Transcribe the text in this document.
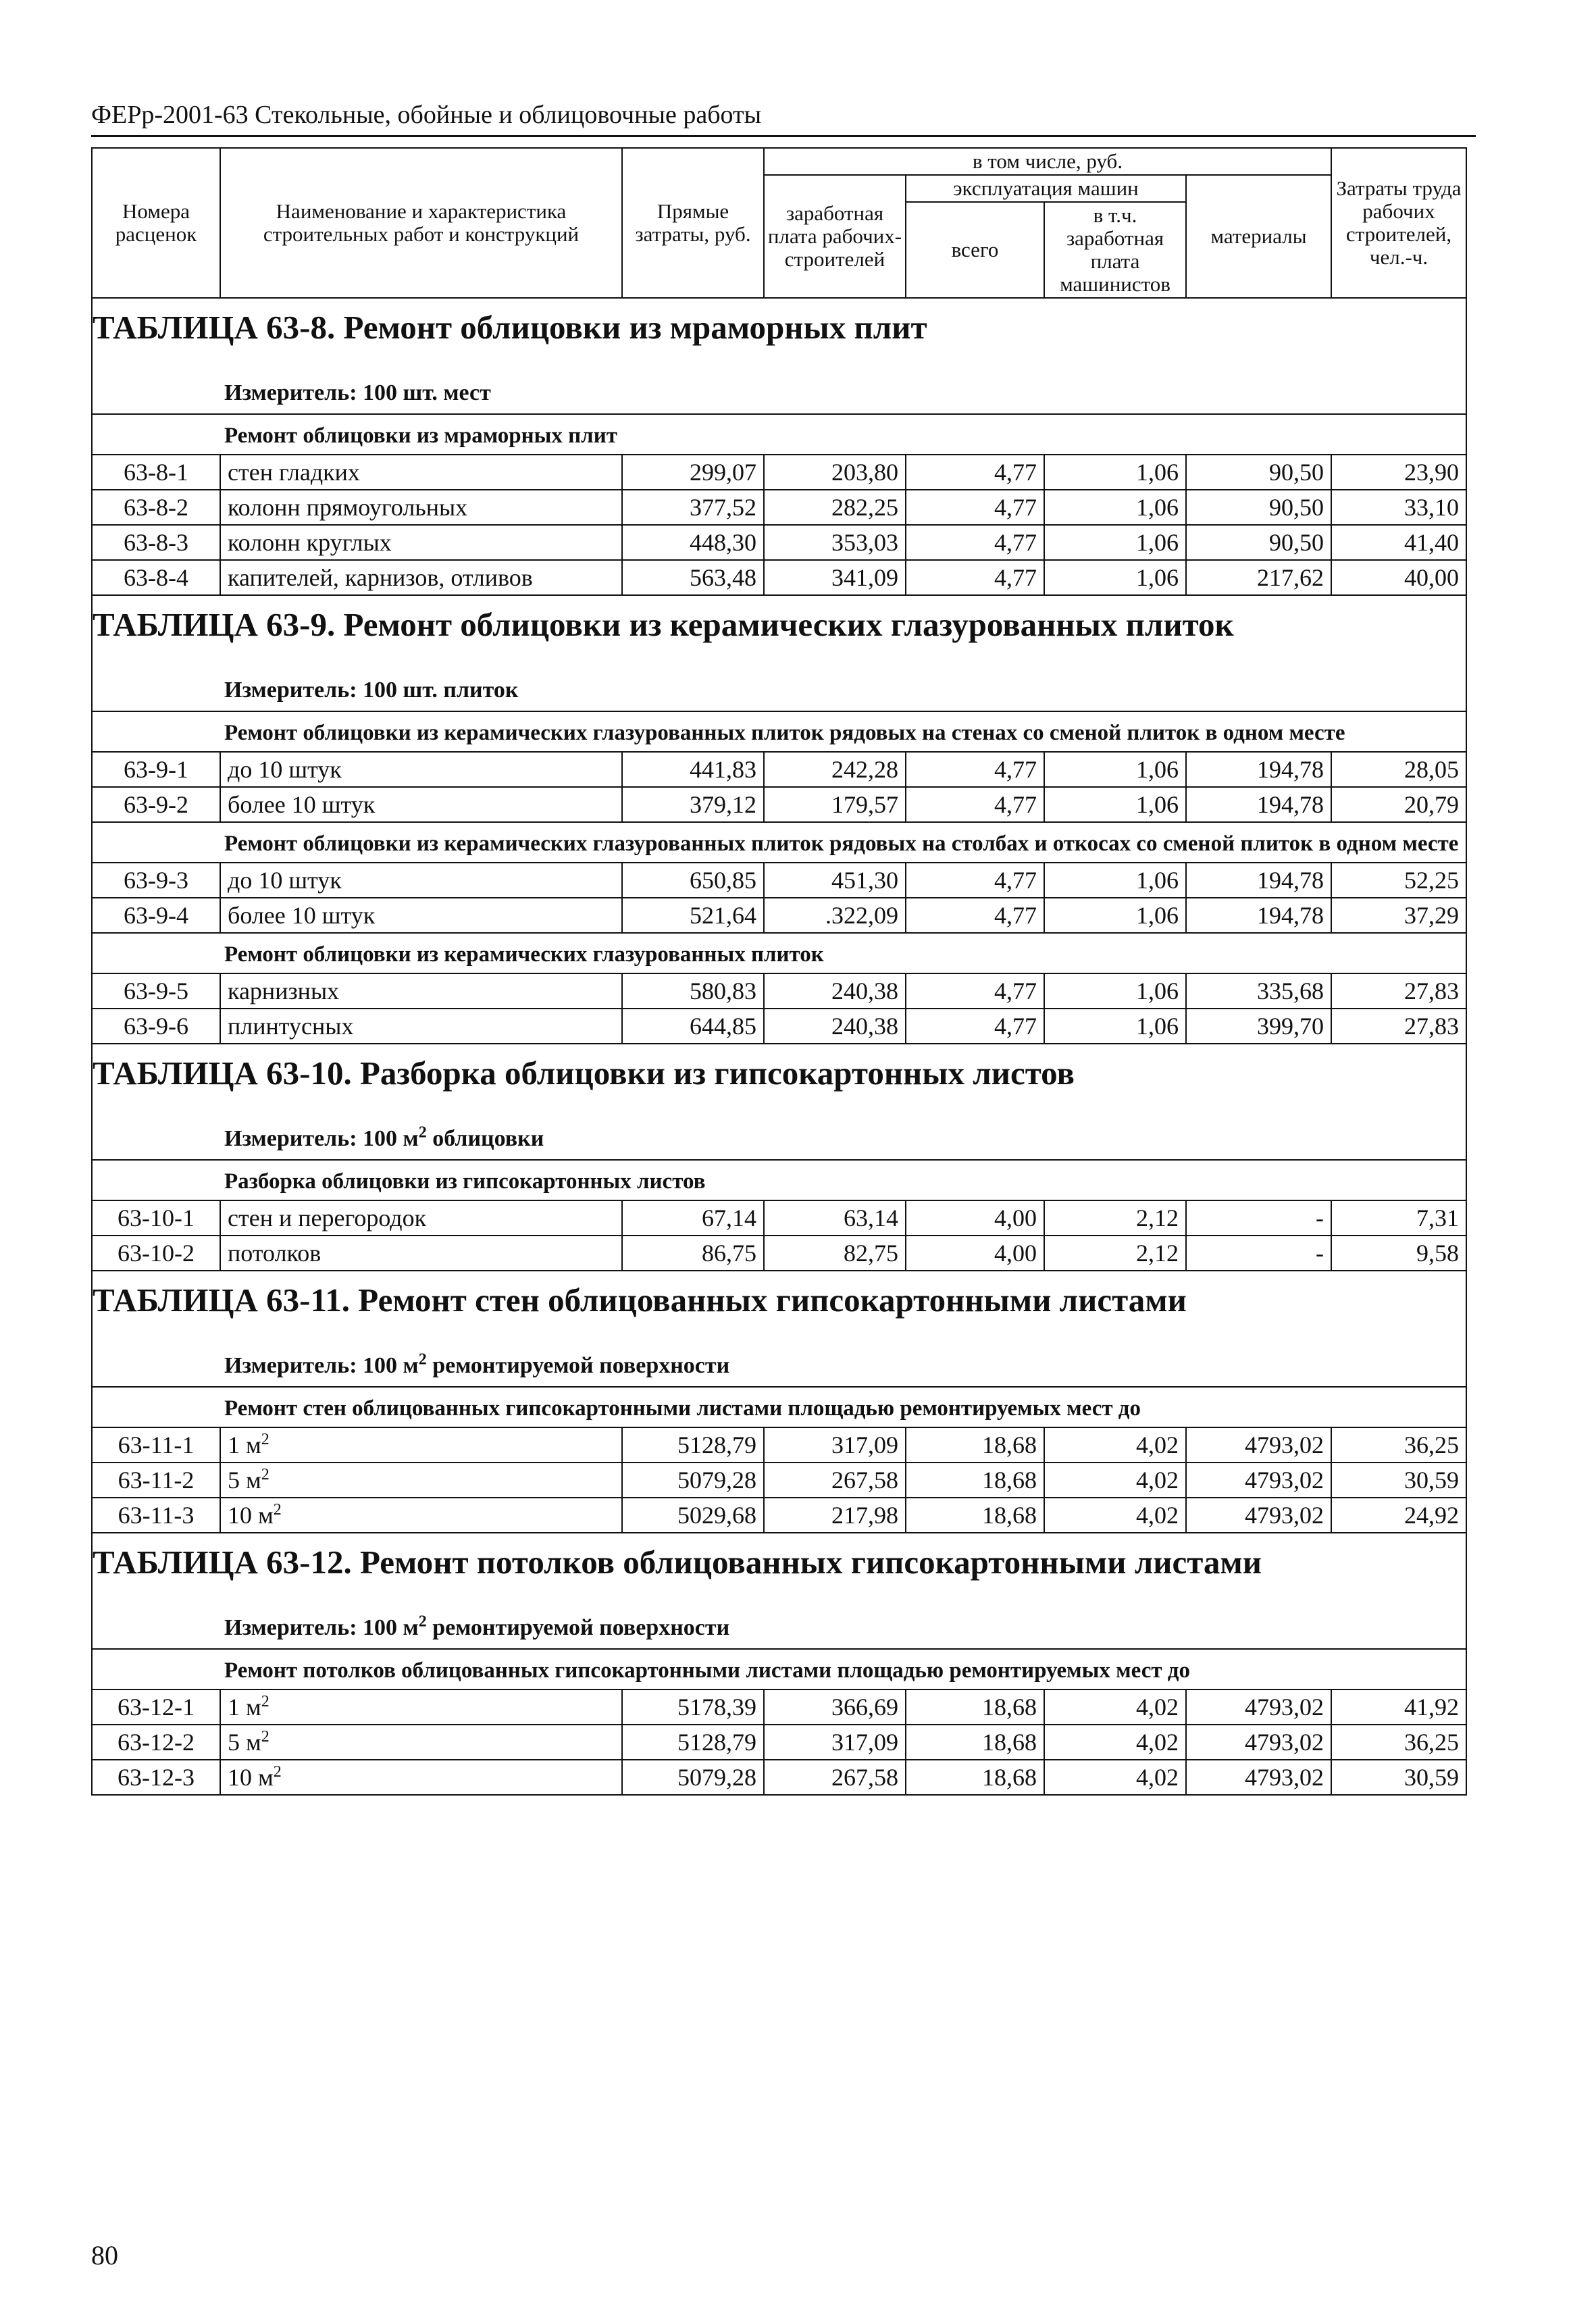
ФЕРр-2001-63 Стекольные, обойные и облицовочные работы
Номера расценок	Наименование и характеристика строительных работ и конструкций	Прямые затраты, руб.	в том числе, руб.				Затраты труда рабочих строителей, чел.-ч.
			заработная плата рабочих-строителей	эксплуатация машин		материалы	
				всего	в т.ч. заработная плата машинистов		
ТАБЛИЦА 63-8. Ремонт облицовки из мраморных плит							
Измеритель: 100 шт. мест							
Ремонт облицовки из мраморных плит							
63-8-1	стен гладких	299,07	203,80	4,77	1,06	90,50	23,90
63-8-2	колонн прямоугольных	377,52	282,25	4,77	1,06	90,50	33,10
63-8-3	колонн круглых	448,30	353,03	4,77	1,06	90,50	41,40
63-8-4	капителей, карнизов, отливов	563,48	341,09	4,77	1,06	217,62	40,00
ТАБЛИЦА 63-9. Ремонт облицовки из керамических глазурованных плиток							
Измеритель: 100 шт. плиток							
Ремонт облицовки из керамических глазурованных плиток рядовых на стенах со сменой плиток в одном месте							
63-9-1	до 10 штук	441,83	242,28	4,77	1,06	194,78	28,05
63-9-2	более 10 штук	379,12	179,57	4,77	1,06	194,78	20,79
Ремонт облицовки из керамических глазурованных плиток рядовых на столбах и откосах со сменой плиток в одном месте							
63-9-3	до 10 штук	650,85	451,30	4,77	1,06	194,78	52,25
63-9-4	более 10 штук	521,64	.322,09	4,77	1,06	194,78	37,29
Ремонт облицовки из керамических глазурованных плиток							
63-9-5	карнизных	580,83	240,38	4,77	1,06	335,68	27,83
63-9-6	плинтусных	644,85	240,38	4,77	1,06	399,70	27,83
ТАБЛИЦА 63-10. Разборка облицовки из гипсокартонных листов							
Измеритель: 100 $м^2$ облицовки							
Разборка облицовки из гипсокартонных листов							
63-10-1	стен и перегородок	67,14	63,14	4,00	2,12	-	7,31
63-10-2	потолков	86,75	82,75	4,00	2,12	-	9,58
ТАБЛИЦА 63-11. Ремонт стен облицованных гипсокартонными листами							
Измеритель: 100 $м^2$ ремонтируемой поверхности							
Ремонт стен облицованных гипсокартонными листами площадью ремонтируемых мест до							
63-11-1	1 $м^2$	5128,79	317,09	18,68	4,02	4793,02	36,25
63-11-2	5 $м^2$	5079,28	267,58	18,68	4,02	4793,02	30,59
63-11-3	10 $м^2$	5029,68	217,98	18,68	4,02	4793,02	24,92
ТАБЛИЦА 63-12. Ремонт потолков облицованных гипсокартонными листами							
Измеритель: 100 $м^2$ ремонтируемой поверхности							
Ремонт потолков облицованных гипсокартонными листами площадью ремонтируемых мест до							
63-12-1	1 $м^2$	5178,39	366,69	18,68	4,02	4793,02	41,92
63-12-2	5 $м^2$	5128,79	317,09	18,68	4,02	4793,02	36,25
63-12-3	10 $м^2$	5079,28	267,58	18,68	4,02	4793,02	30,59
80
